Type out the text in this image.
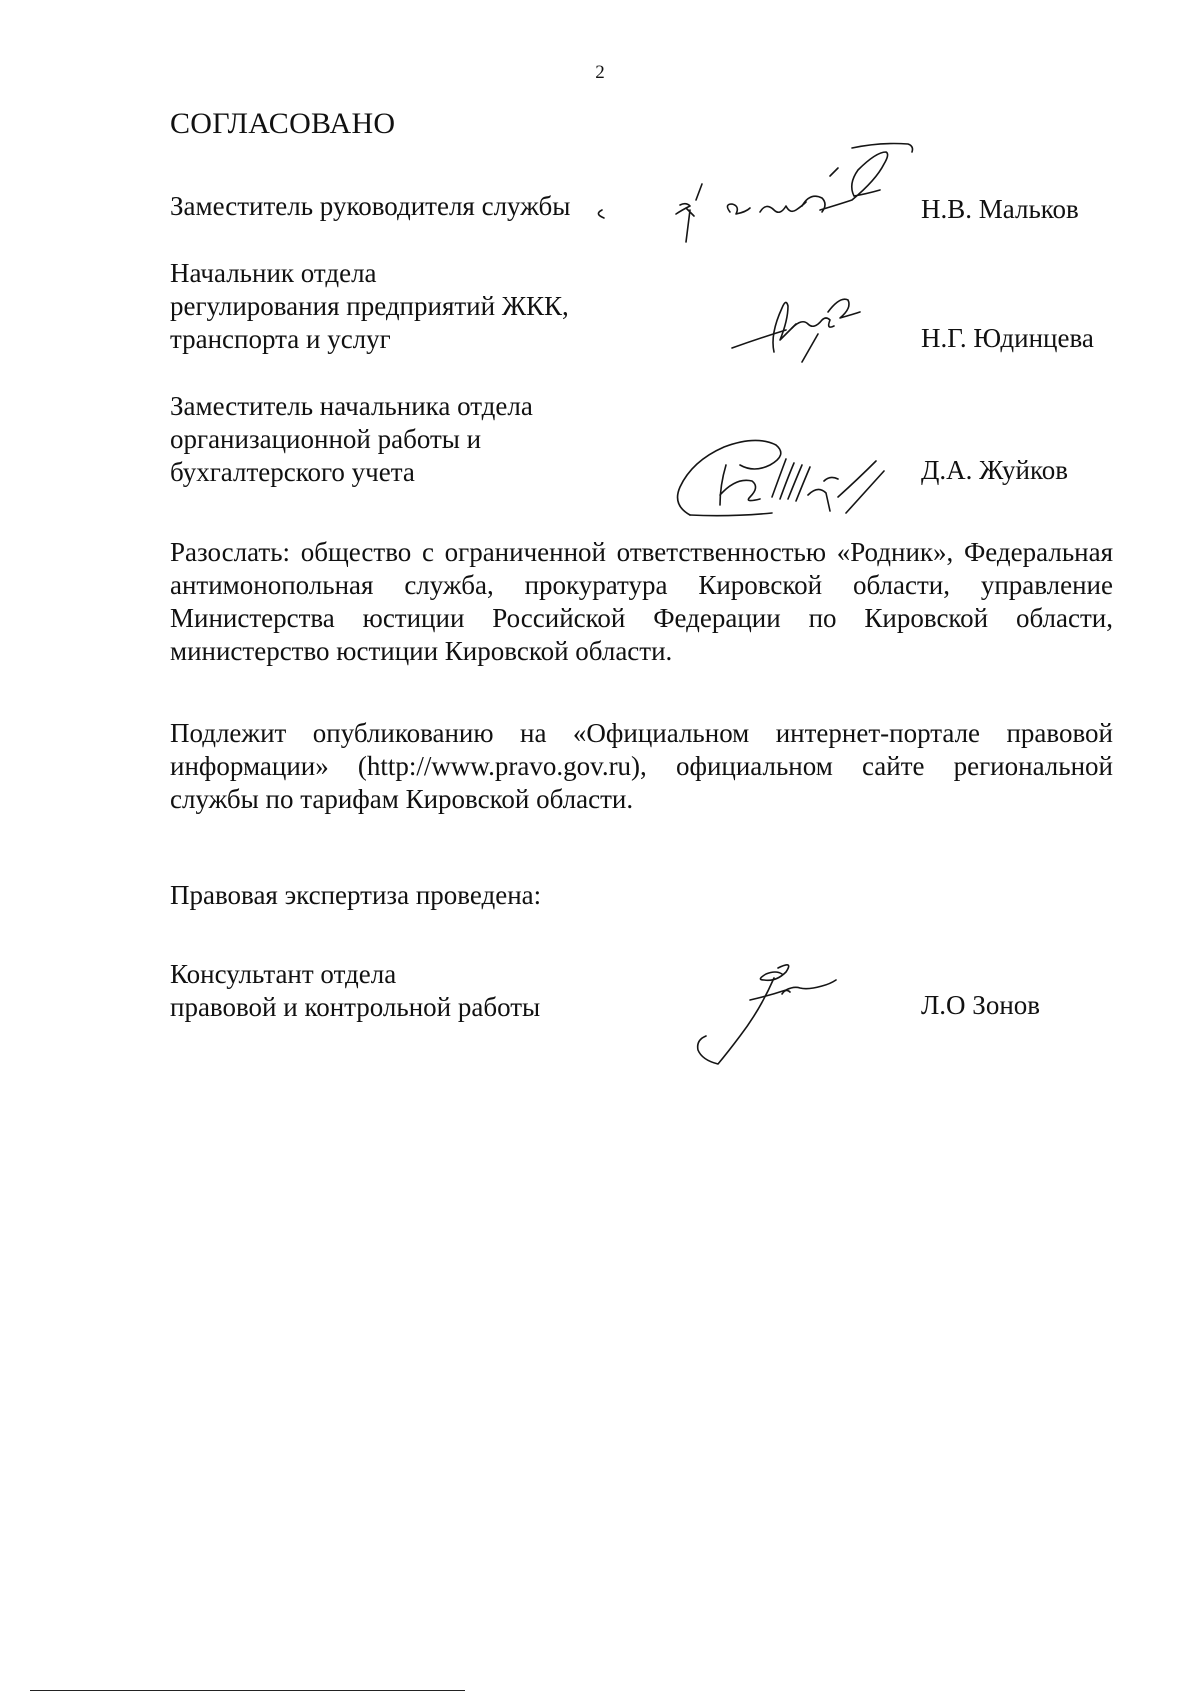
2
СОГЛАСОВАНО
Заместитель руководителя службы	Н.В. Мальков
Начальник отдела
регулирования предприятий ЖКК,
транспорта и услуг	Н.Г. Юдинцева
Заместитель начальника отдела
организационной работы и
бухгалтерского учета	Д.А. Жуйков
Разослать: общество с ограниченной ответственностью «Родник», Федеральная антимонопольная служба, прокуратура Кировской области, управление Министерства юстиции Российской Федерации по Кировской области, министерство юстиции Кировской области.
Подлежит опубликованию на «Официальном интернет-портале правовой информации» (http://www.pravo.gov.ru), официальном сайте региональной службы по тарифам Кировской области.
Правовая экспертиза проведена:
Консультант отдела
правовой и контрольной работы	Л.О Зонов
